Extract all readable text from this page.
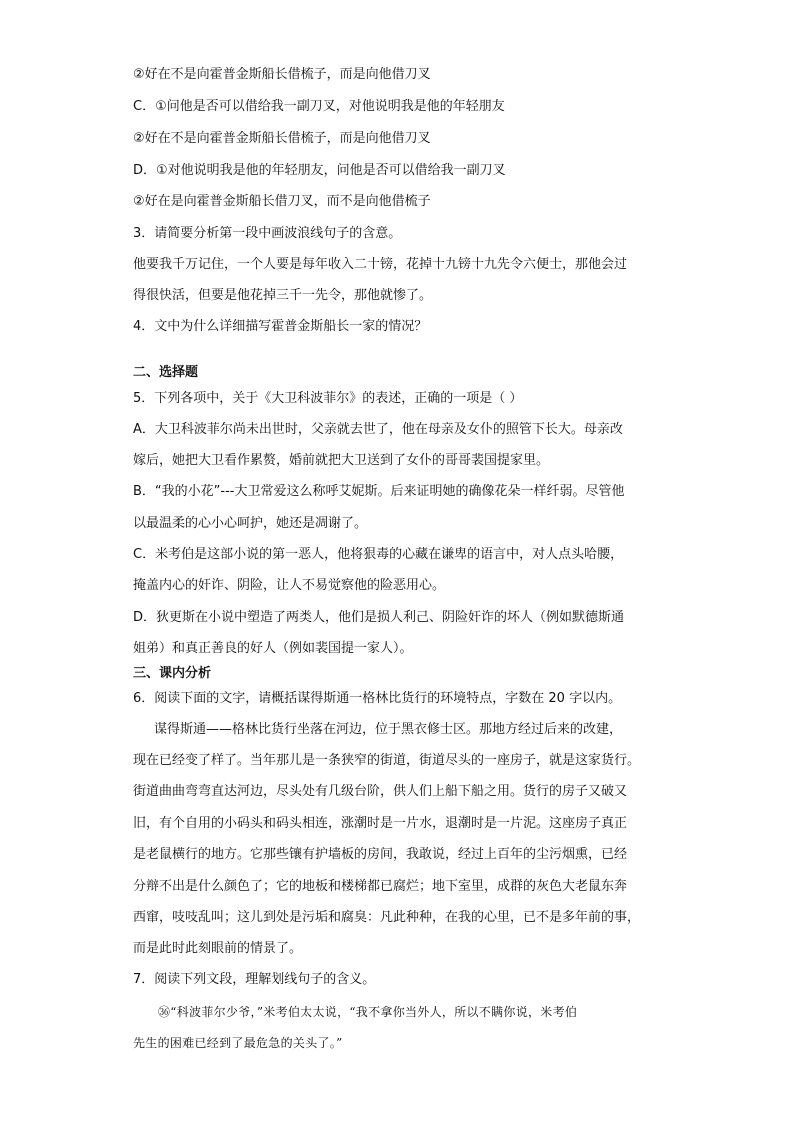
②好在不是向霍普金斯船长借梳子，而是向他借刀叉
C．①问他是否可以借给我一副刀叉，对他说明我是他的年轻朋友
②好在不是向霍普金斯船长借梳子，而是向他借刀叉
D．①对他说明我是他的年轻朋友，问他是否可以借给我一副刀叉
②好在是向霍普金斯船长借刀叉，而不是向他借梳子
3．请简要分析第一段中画波浪线句子的含意。
他要我千万记住，一个人要是每年收入二十镑，花掉十九镑十九先令六便士，那他会过
得很快活，但要是他花掉三千一先令，那他就惨了。
4．文中为什么详细描写霍普金斯船长一家的情况？
二、选择题
5．下列各项中，关于《大卫科波菲尔》的表述，正确的一项是（ ）
A．大卫科波菲尔尚未出世时，父亲就去世了，他在母亲及女仆的照管下长大。母亲改
嫁后，她把大卫看作累赘，婚前就把大卫送到了女仆的哥哥裴国提家里。
B．“我的小花”---大卫常爱这么称呼艾妮斯。后来证明她的确像花朵一样纤弱。尽管他
以最温柔的心小心呵护，她还是凋谢了。
C．米考伯是这部小说的第一恶人，他将狠毒的心藏在谦卑的语言中，对人点头哈腰，
掩盖内心的奸诈、阴险，让人不易觉察他的险恶用心。
D．狄更斯在小说中塑造了两类人，他们是损人利己、阴险奸诈的坏人（例如默德斯通
姐弟）和真正善良的好人（例如裴国提一家人）。
三、课内分析
6．阅读下面的文字，请概括谋得斯通一格林比货行的环境特点，字数在 20 字以内。
谋得斯通——格林比货行坐落在河边，位于黑衣修士区。那地方经过后来的改建，
现在已经变了样了。当年那儿是一条狭窄的街道，街道尽头的一座房子，就是这家货行。
街道曲曲弯弯直达河边，尽头处有几级台阶，供人们上船下船之用。货行的房子又破又
旧，有个自用的小码头和码头相连，涨潮时是一片水，退潮时是一片泥。这座房子真正
是老鼠横行的地方。它那些镶有护墙板的房间，我敢说，经过上百年的尘污烟熏，已经
分辩不出是什么颜色了；它的地板和楼梯都已腐烂；地下室里，成群的灰色大老鼠东奔
西窜，吱吱乱叫；这儿到处是污垢和腐臭：凡此种种，在我的心里，已不是多年前的事，
而是此时此刻眼前的情景了。
7．阅读下列文段，理解划线句子的含义。
㊱“科波菲尔少爷，”米考伯太太说，“我不拿你当外人，所以不瞒你说，米考伯
先生的困难已经到了最危急的关头了。”
